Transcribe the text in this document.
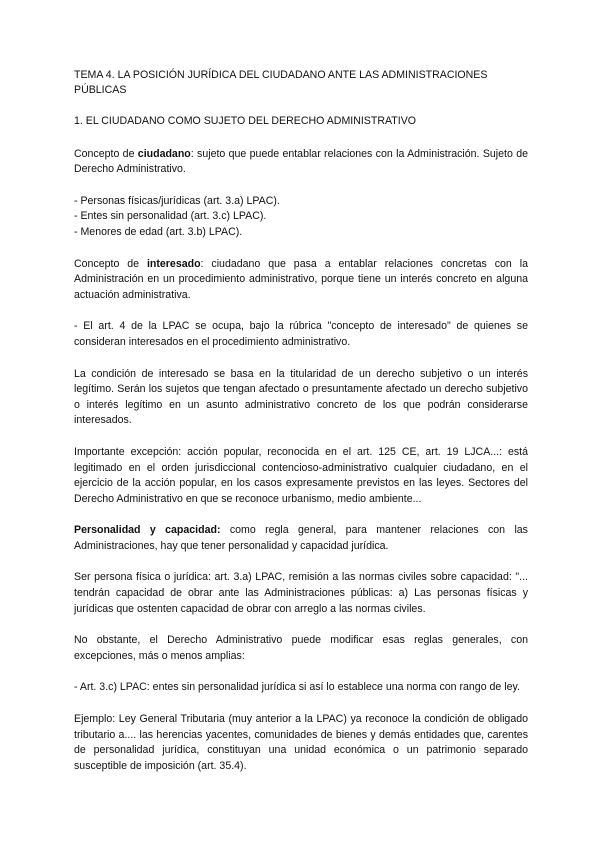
TEMA 4. LA POSICIÓN JURÍDICA DEL CIUDADANO ANTE LAS ADMINISTRACIONES PÚBLICAS

1. EL CIUDADANO COMO SUJETO DEL DERECHO ADMINISTRATIVO

Concepto de ciudadano: sujeto que puede entablar relaciones con la Administración. Sujeto de Derecho Administrativo.

- Personas físicas/jurídicas (art. 3.a) LPAC).

- Entes sin personalidad (art. 3.c) LPAC).

- Menores de edad (art. 3.b) LPAC).

Concepto de interesado: ciudadano que pasa a entablar relaciones concretas con la Administración en un procedimiento administrativo, porque tiene un interés concreto en alguna actuación administrativa.

- El art. 4 de la LPAC se ocupa, bajo la rúbrica "concepto de interesado" de quienes se consideran interesados en el procedimiento administrativo.

La condición de interesado se basa en la titularidad de un derecho subjetivo o un interés legítimo. Serán los sujetos que tengan afectado o presuntamente afectado un derecho subjetivo o interés legítimo en un asunto administrativo concreto de los que podrán considerarse interesados.

Importante excepción: acción popular, reconocida en el art. 125 CE, art. 19 LJCA...: está legitimado en el orden jurisdiccional contencioso-administrativo cualquier ciudadano, en el ejercicio de la acción popular, en los casos expresamente previstos en las leyes. Sectores del Derecho Administrativo en que se reconoce urbanismo, medio ambiente...

Personalidad y capacidad: como regla general, para mantener relaciones con las Administraciones, hay que tener personalidad y capacidad jurídica.

Ser persona física o jurídica: art. 3.a) LPAC, remisión a las normas civiles sobre capacidad: "... tendrán capacidad de obrar ante las Administraciones públicas: a) Las personas físicas y jurídicas que ostenten capacidad de obrar con arreglo a las normas civiles.

No obstante, el Derecho Administrativo puede modificar esas reglas generales, con excepciones, más o menos amplias:

- Art. 3.c) LPAC: entes sin personalidad jurídica si así lo establece una norma con rango de ley.

Ejemplo: Ley General Tributaria (muy anterior a la LPAC) ya reconoce la condición de obligado tributario a.... las herencias yacentes, comunidades de bienes y demás entidades que, carentes de personalidad jurídica, constituyan una unidad económica o un patrimonio separado susceptible de imposición (art. 35.4).
